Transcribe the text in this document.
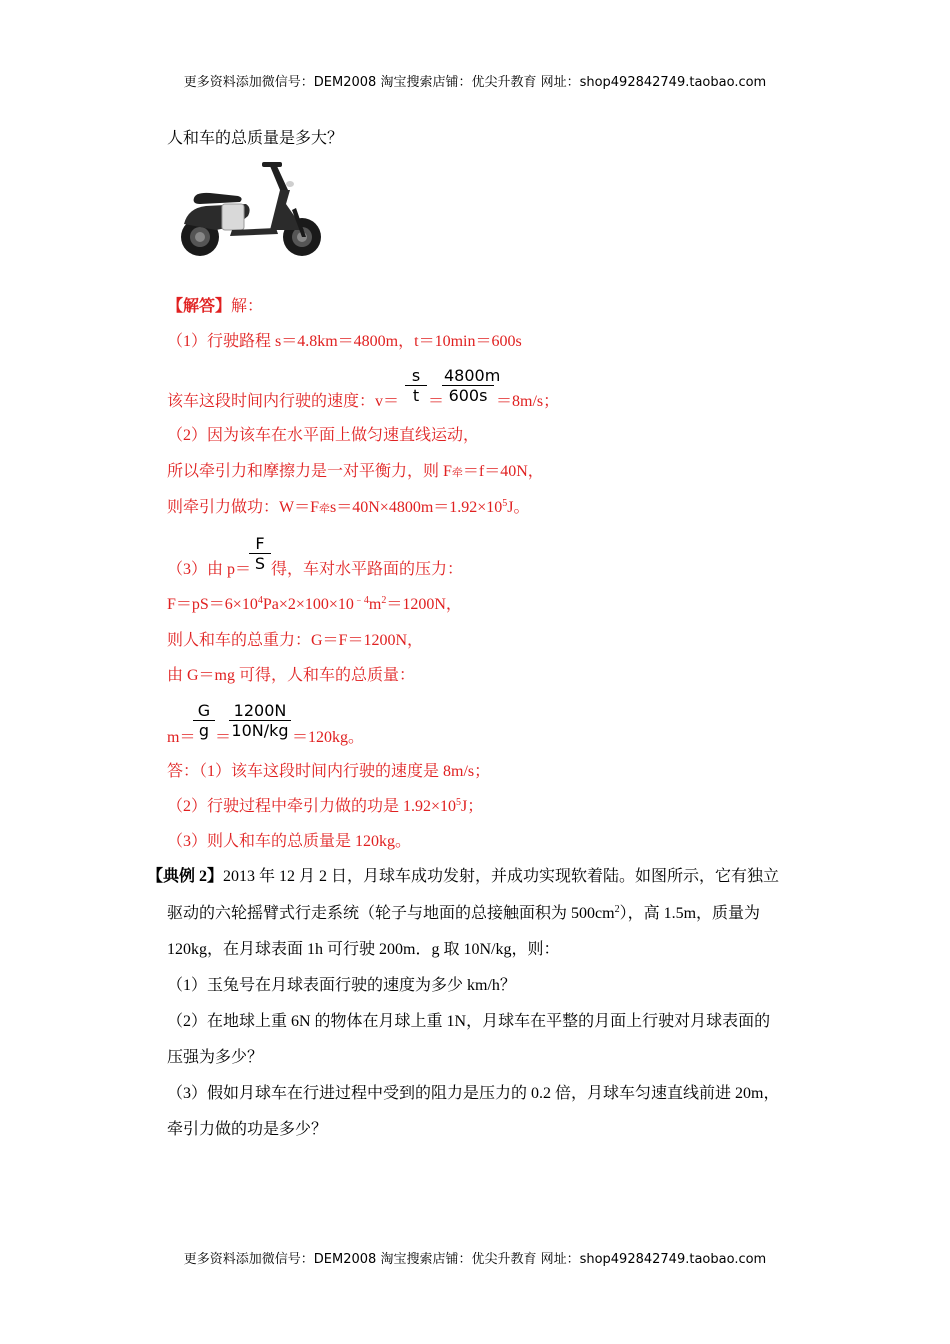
更多资料添加微信号：DEM2008 淘宝搜索店铺：优尖升教育 网址：shop492842749.taobao.com
人和车的总质量是多大？
【解答】解：
（1）行驶路程 s＝4.8km＝4800m，t＝10min＝600s
该车这段时间内行驶的速度：$v= \frac{s}{t}$ ＝
$\frac{4800m}{600s} =8m/s$；
（2）因为该车在水平面上做匀速直线运动，
所以牵引力和摩擦力是一对平衡力，则 F牵＝f＝40N，
则牵引力做功：W＝F牵$s=40N\times 4800m=1.92\times 10^5J$。
（3）由 p＝
$\frac{F}{S}$ 得，车对水平路面的压力：
$F=pS=6\times 10^4Pa\times 2\times 100\times 10^{﹣4}m^2=1200N$，
则人和车的总重力：G＝F＝1200N，
由 G＝mg 可得，人和车的总质量：
m＝
$\frac{G}{g}$ ＝
$\frac{1200N}{10N/kg} =120kg$。
答：（1）该车这段时间内行驶的速度是 8m/s；
（2）行驶过程中牵引力做的功是 $1.92\times 10^5J$；
（3）则人和车的总质量是 120kg。
【典例 2】2013 年 12 月 2 日，月球车成功发射，并成功实现软着陆。如图所示，它有独立
驱动的六轮摇臂式行走系统（轮子与地面的总接触面积为 $500cm^2$），高 1.5m，质量为
120kg，在月球表面 1h 可行驶 200m．g 取 10N/kg，则：
（1）玉兔号在月球表面行驶的速度为多少 km/h？
（2）在地球上重 6N 的物体在月球上重 1N，月球车在平整的月面上行驶对月球表面的
压强为多少？
（3）假如月球车在行进过程中受到的阻力是压力的 0.2 倍，月球车匀速直线前进 20m，
牵引力做的功是多少？
更多资料添加微信号：DEM2008 淘宝搜索店铺：优尖升教育 网址：shop492842749.taobao.com
